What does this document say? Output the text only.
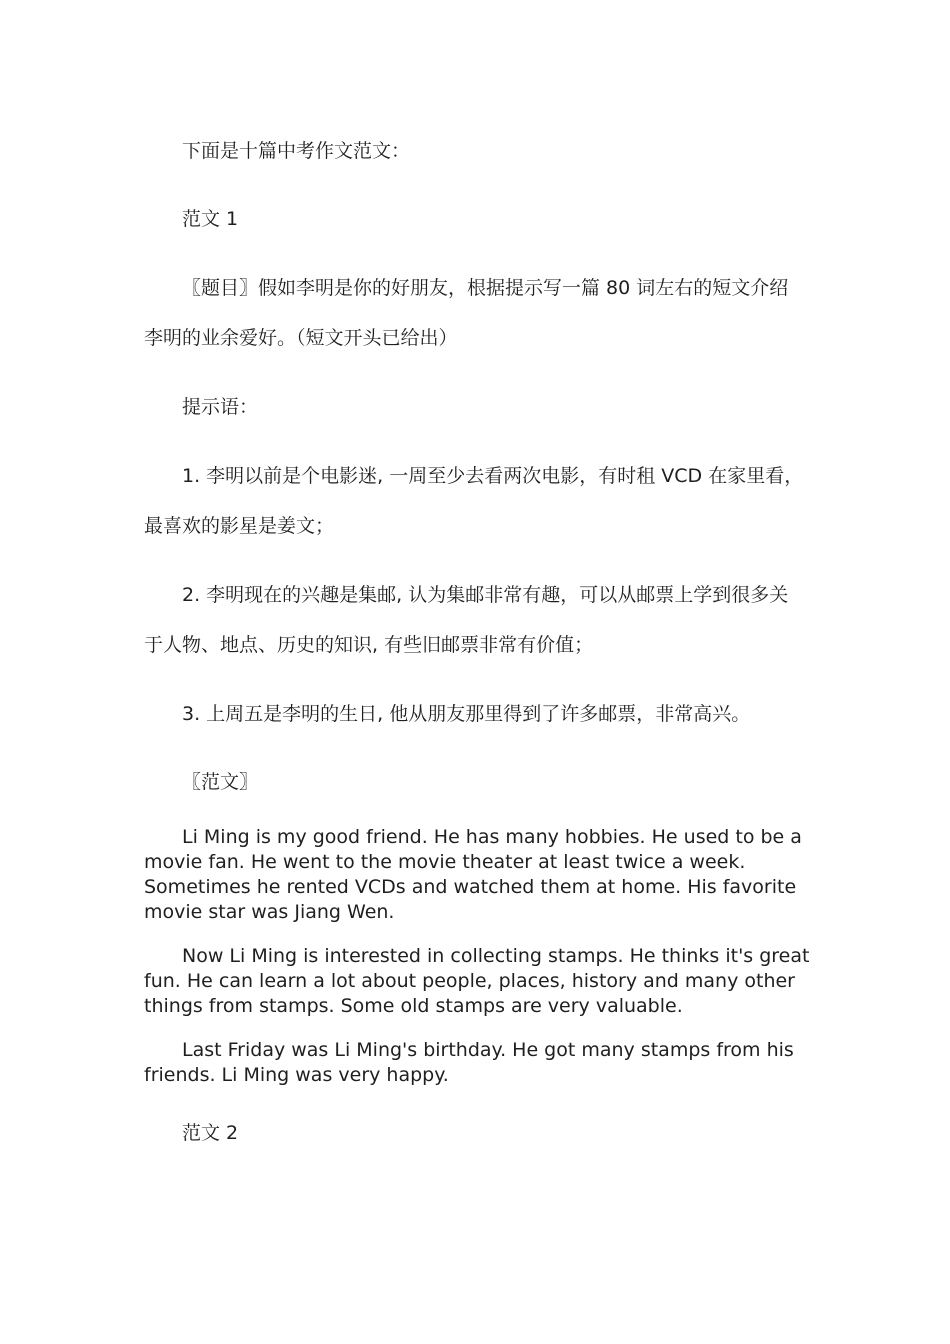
下面是十篇中考作文范文：
范文 1
〖题目〗假如李明是你的好朋友，根据提示写一篇 80 词左右的短文介绍
李明的业余爱好。（短文开头已给出）
提示语：
1. 李明以前是个电影迷, 一周至少去看两次电影，有时租 VCD 在家里看，
最喜欢的影星是姜文；
2. 李明现在的兴趣是集邮, 认为集邮非常有趣，可以从邮票上学到很多关
于人物、地点、历史的知识, 有些旧邮票非常有价值；
3. 上周五是李明的生日, 他从朋友那里得到了许多邮票，非常高兴。
〖范文〗

Li Ming is my good friend. He has many hobbies. He used to be a movie fan. He went to the movie theater at least twice a week. Sometimes he rented VCDs and watched them at home. His favorite movie star was Jiang Wen.

Now Li Ming is interested in collecting stamps. He thinks it's great fun. He can learn a lot about people, places, history and many other things from stamps. Some old stamps are very valuable.

Last Friday was Li Ming's birthday. He got many stamps from his friends. Li Ming was very happy.

范文 2
